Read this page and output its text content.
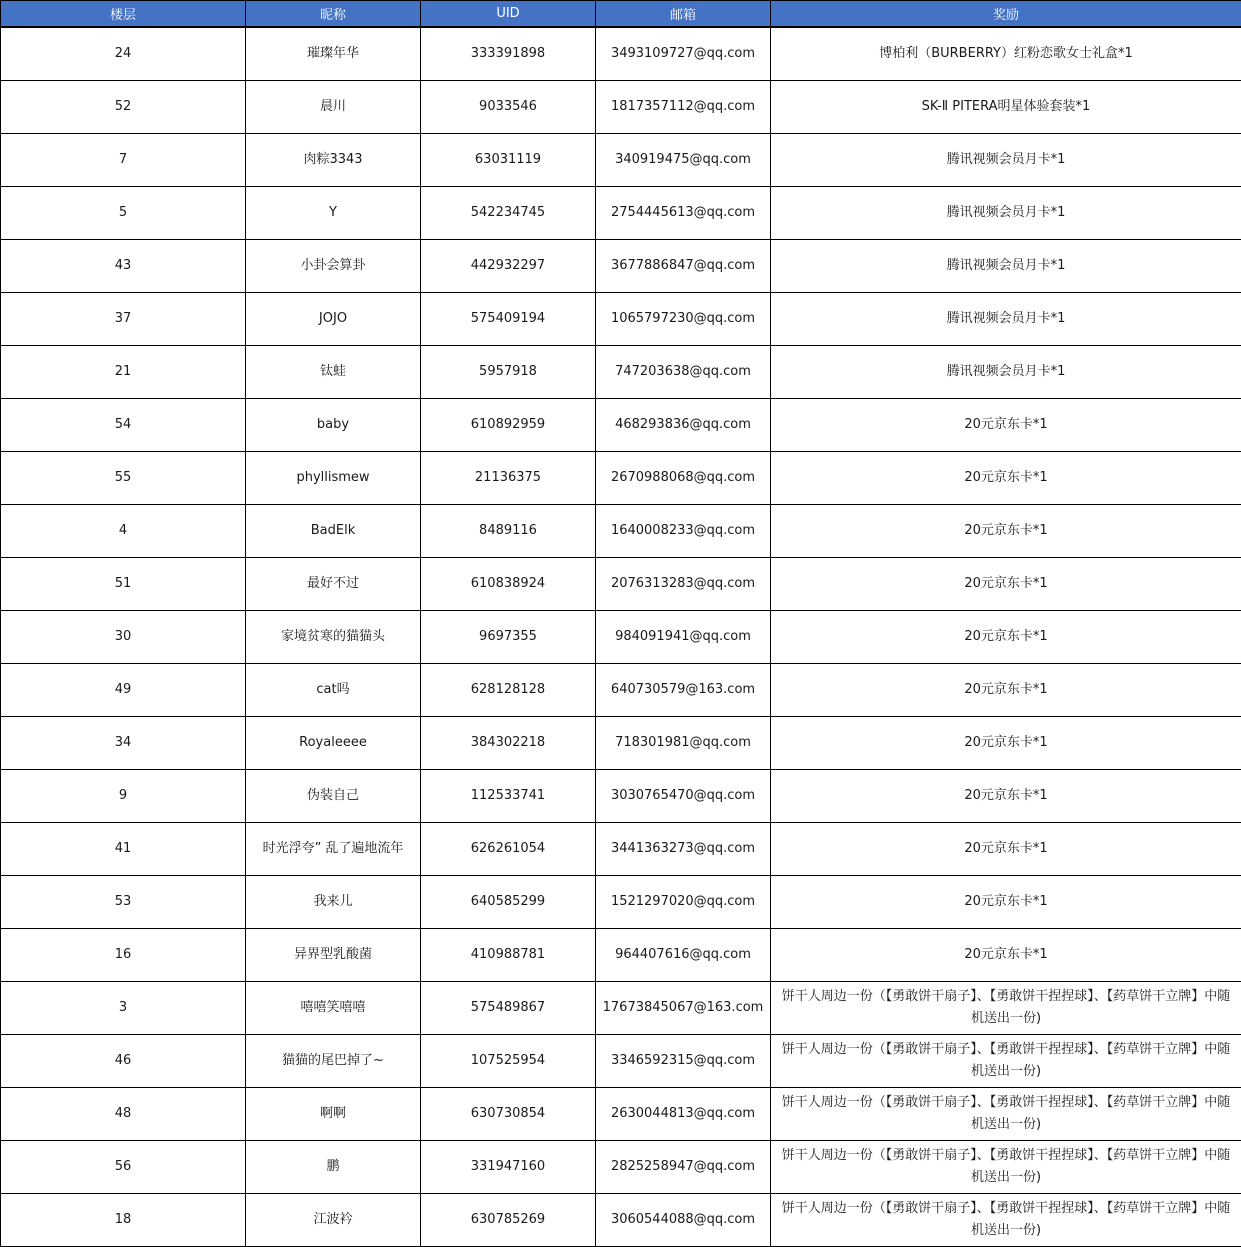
楼层	昵称	UID	邮箱	奖励
24	璀璨年华	333391898	3493109727@qq.com	博柏利（BURBERRY）红粉恋歌女士礼盒*1
52	晨川	9033546	1817357112@qq.com	SK-Ⅱ PITERA明星体验套装*1
7	肉粽3343	63031119	340919475@qq.com	腾讯视频会员月卡*1
5	Y	542234745	2754445613@qq.com	腾讯视频会员月卡*1
43	小卦会算卦	442932297	3677886847@qq.com	腾讯视频会员月卡*1
37	JOJO	575409194	1065797230@qq.com	腾讯视频会员月卡*1
21	钛蛙	5957918	747203638@qq.com	腾讯视频会员月卡*1
54	baby	610892959	468293836@qq.com	20元京东卡*1
55	phyllismew	21136375	2670988068@qq.com	20元京东卡*1
4	BadElk	8489116	1640008233@qq.com	20元京东卡*1
51	最好不过	610838924	2076313283@qq.com	20元京东卡*1
30	家境贫寒的猫猫头	9697355	984091941@qq.com	20元京东卡*1
49	cat吗	628128128	640730579@163.com	20元京东卡*1
34	Royaleeee	384302218	718301981@qq.com	20元京东卡*1
9	伪装自己	112533741	3030765470@qq.com	20元京东卡*1
41	时光浮夸” 乱了遍地流年	626261054	3441363273@qq.com	20元京东卡*1
53	我来儿	640585299	1521297020@qq.com	20元京东卡*1
16	异界型乳酸菌	410988781	964407616@qq.com	20元京东卡*1
3	嘻嘻笑嘻嘻	575489867	17673845067@163.com	饼干人周边一份（【勇敢饼干扇子】、【勇敢饼干捏捏球】、【药草饼干立牌】中随机送出一份)
46	猫猫的尾巴掉了~	107525954	3346592315@qq.com	饼干人周边一份（【勇敢饼干扇子】、【勇敢饼干捏捏球】、【药草饼干立牌】中随机送出一份)
48	啊啊	630730854	2630044813@qq.com	饼干人周边一份（【勇敢饼干扇子】、【勇敢饼干捏捏球】、【药草饼干立牌】中随机送出一份)
56	鹏	331947160	2825258947@qq.com	饼干人周边一份（【勇敢饼干扇子】、【勇敢饼干捏捏球】、【药草饼干立牌】中随机送出一份)
18	江波衿	630785269	3060544088@qq.com	饼干人周边一份（【勇敢饼干扇子】、【勇敢饼干捏捏球】、【药草饼干立牌】中随机送出一份)
